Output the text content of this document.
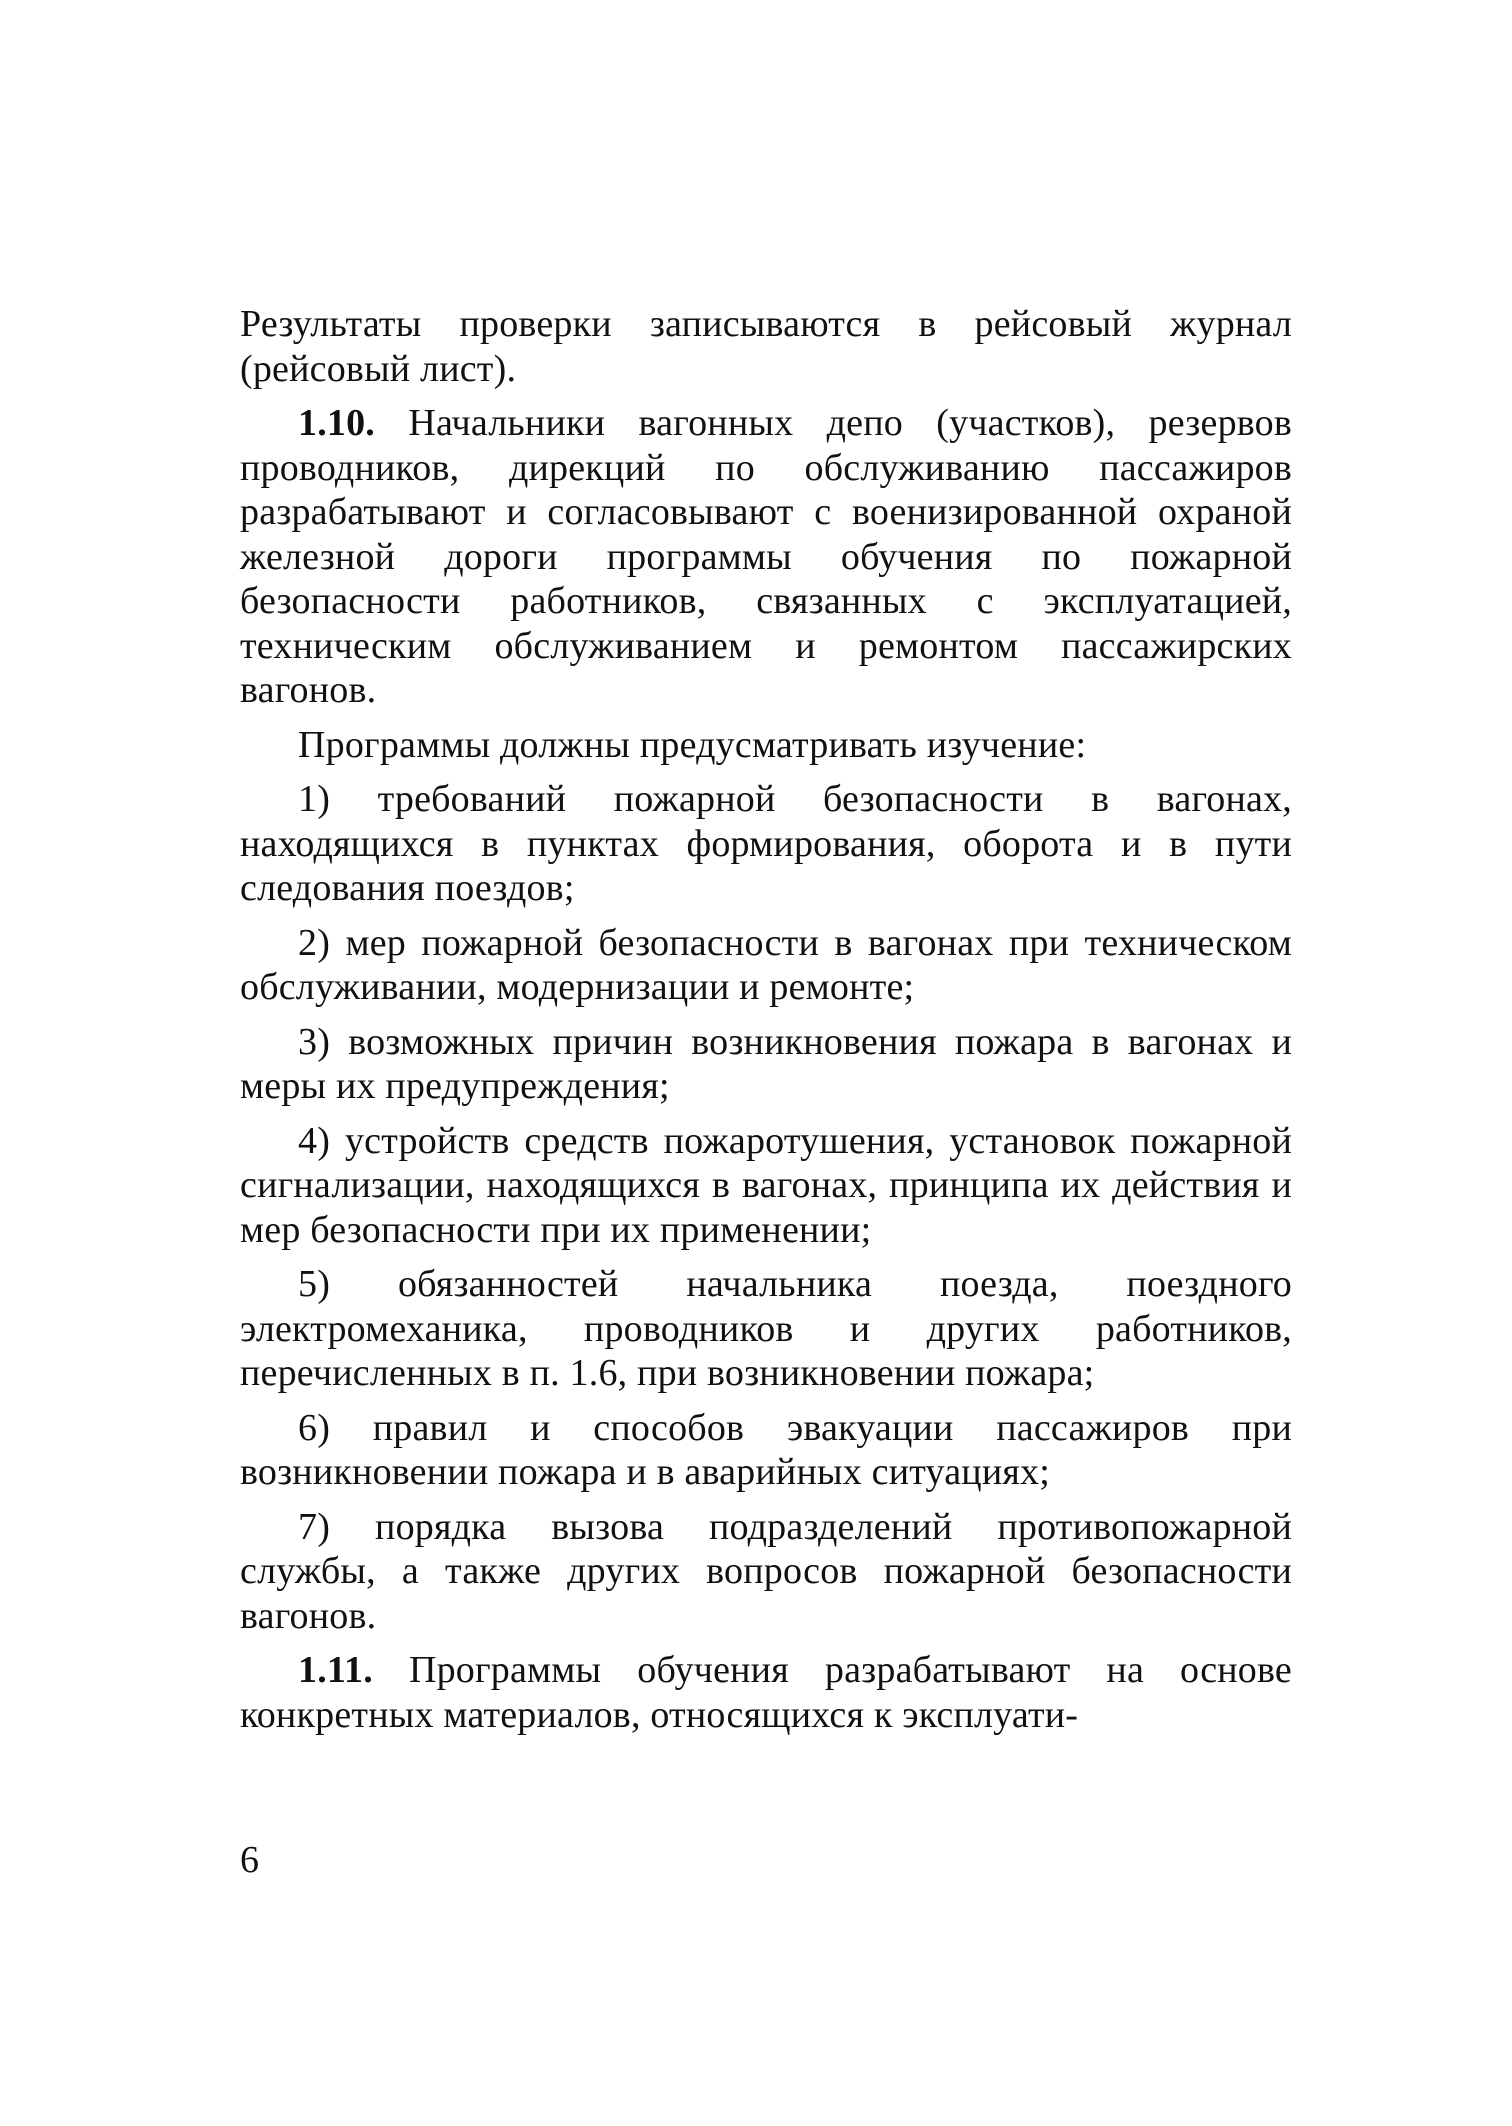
Результаты проверки записываются в рейсовый журнал (рейсовый лист).

1.10. Начальники вагонных депо (участков), резервов проводников, дирекций по обслуживанию пассажиров разрабатывают и согласовывают с военизированной охраной железной дороги программы обучения по пожарной безопасности работников, связанных с эксплуатацией, техническим обслуживанием и ремонтом пассажирских вагонов.

Программы должны предусматривать изучение:

1) требований пожарной безопасности в вагонах, находящихся в пунктах формирования, оборота и в пути следования поездов;

2) мер пожарной безопасности в вагонах при техническом обслуживании, модернизации и ремонте;

3) возможных причин возникновения пожара в вагонах и меры их предупреждения;

4) устройств средств пожаротушения, установок пожарной сигнализации, находящихся в вагонах, принципа их действия и мер безопасности при их применении;

5) обязанностей начальника поезда, поездного электромеханика, проводников и других работников, перечисленных в п. 1.6, при возникновении пожара;

6) правил и способов эвакуации пассажиров при возникновении пожара и в аварийных ситуациях;

7) порядка вызова подразделений противопожарной службы, а также других вопросов пожарной безопасности вагонов.

1.11. Программы обучения разрабатывают на основе конкретных материалов, относящихся к эксплуати-

6
